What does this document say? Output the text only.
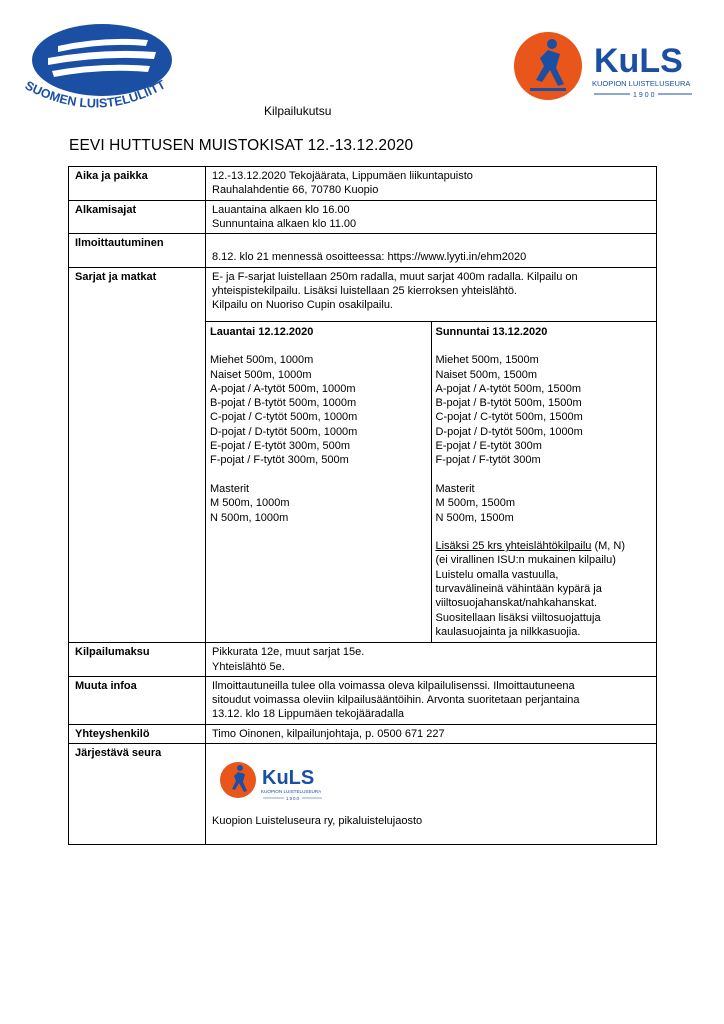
SUOMEN LUISTELULIITT
KuLS
KUOPION LUISTELUSEURA
1900
Kilpailukutsu
EEVI HUTTUSEN MUISTOKISAT 12.-13.12.2020
Aika ja paikka	12.-13.12.2020 Tekojäärata, Lippumäen liikuntapuisto
Rauhalahdentie 66, 70780 Kuopio

Alkamisajat	Lauantaina alkaen klo 16.00
Sunnuntaina alkaen klo 11.00

Ilmoittautuminen	
8.12. klo 21 mennessä osoitteessa: https://www.lyyti.in/ehm2020

Sarjat ja matkat	E- ja F-sarjat luistellaan 250m radalla, muut sarjat 400m radalla. Kilpailu on
yhteispistekilpailu. Lisäksi luistellaan 25 kierroksen yhteislähtö.
Kilpailu on Nuoriso Cupin osakilpailu.
Lauantai 12.12.2020
Miehet 500m, 1000m
Naiset 500m, 1000m
A-pojat / A-tytöt 500m, 1000m
B-pojat / B-tytöt 500m, 1000m
C-pojat / C-tytöt 500m, 1000m
D-pojat / D-tytöt 500m, 1000m
E-pojat / E-tytöt 300m, 500m
F-pojat / F-tytöt 300m, 500m
Masterit
M 500m, 1000m
N 500m, 1000m

Sunnuntai 13.12.2020
Miehet 500m, 1500m
Naiset 500m, 1500m
A-pojat / A-tytöt 500m, 1500m
B-pojat / B-tytöt 500m, 1500m
C-pojat / C-tytöt 500m, 1500m
D-pojat / D-tytöt 500m, 1000m
E-pojat / E-tytöt 300m
F-pojat / F-tytöt 300m
Masterit
M 500m, 1500m
N 500m, 1500m
Lisäksi 25 krs yhteislähtökilpailu (M, N)
(ei virallinen ISU:n mukainen kilpailu)
Luistelu omalla vastuulla,
turvavälineinä vähintään kypärä ja
viiltosuojahanskat/nahkahanskat.
Suositellaan lisäksi viiltosuojattuja
kaulasuojainta ja nilkkasuojia.

Kilpailumaksu	Pikkurata 12e, muut sarjat 15e.
Yhteislähtö 5e.

Muuta infoa	Ilmoittautuneilla tulee olla voimassa oleva kilpailulisenssi. Ilmoittautuneena
sitoudut voimassa oleviin kilpailusääntöihin. Arvonta suoritetaan perjantaina
13.12. klo 18 Lippumäen tekojääradalla

Yhteyshenkilö	Timo Oinonen, kilpailunjohtaja, p. 0500 671 227

Järjestävä seura	
KuLS
KUOPION LUISTELUSEURA
1900
Kuopion Luisteluseura ry, pikaluistelujaosto
